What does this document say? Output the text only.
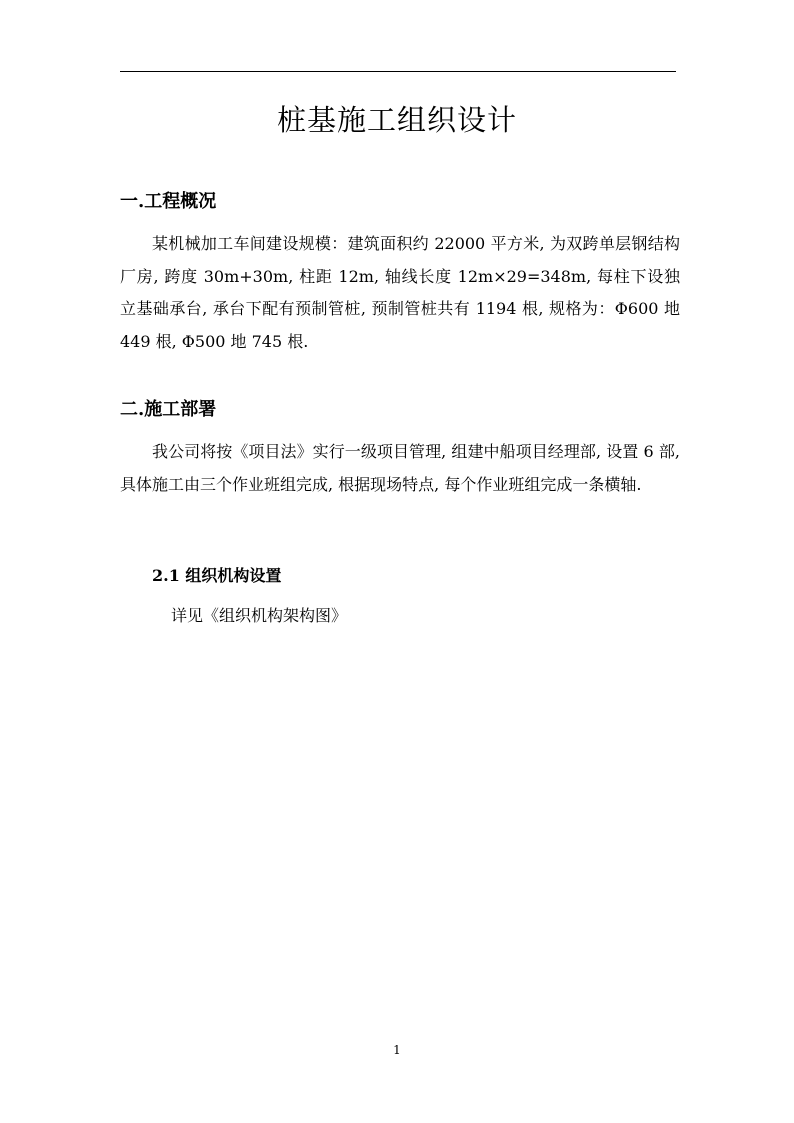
桩基施工组织设计
一.工程概况

某机械加工车间建设规模：建筑面积约 22000 平方米, 为双跨单层钢结构厂房, 跨度 30m+30m, 柱距 12m, 轴线长度 12m×29=348m, 每柱下设独立基础承台, 承台下配有预制管桩, 预制管桩共有 1194 根, 规格为：Φ600 地 449 根, Φ500 地 745 根.

二.施工部署

我公司将按《项目法》实行一级项目管理, 组建中船项目经理部, 设置 6 部, 具体施工由三个作业班组完成, 根据现场特点, 每个作业班组完成一条横轴.

2.1 组织机构设置

详见《组织机构架构图》

1
